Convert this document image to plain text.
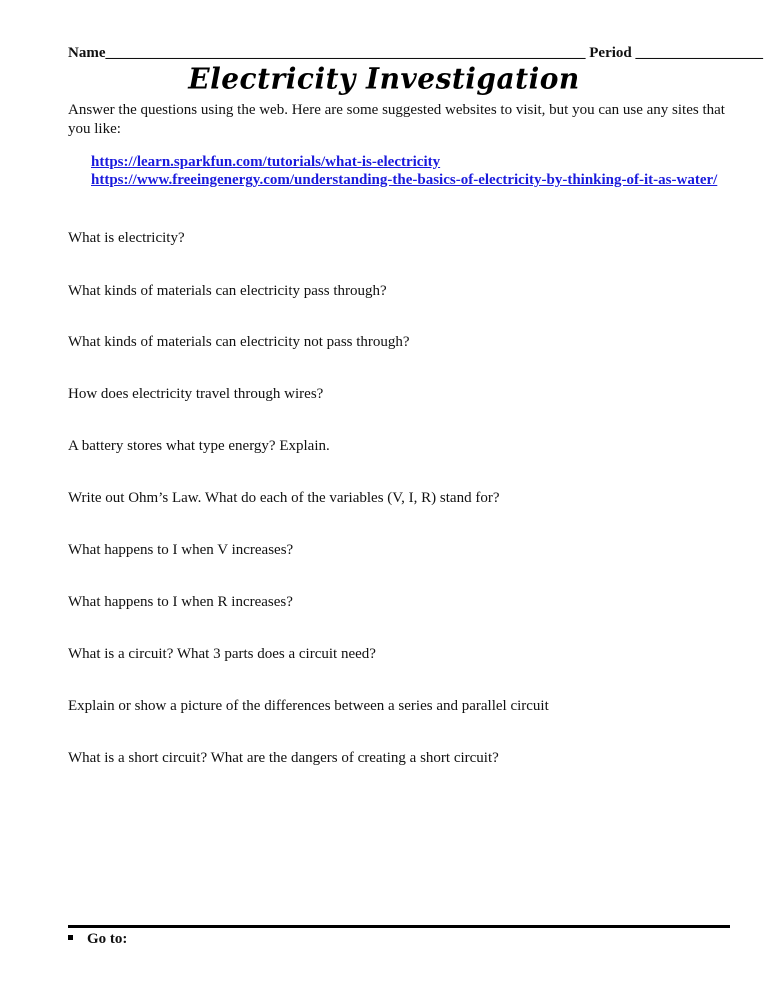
Name________________________________________________________________ Period _________________
Electricity Investigation
Answer the questions using the web. Here are some suggested websites to visit, but you can use any sites that you like:
https://learn.sparkfun.com/tutorials/what-is-electricity
https://www.freeingenergy.com/understanding-the-basics-of-electricity-by-thinking-of-it-as-water/
What is electricity?
What kinds of materials can electricity pass through?
What kinds of materials can electricity not pass through?
How does electricity travel through wires?
A battery stores what type energy? Explain.
Write out Ohm’s Law. What do each of the variables (V, I, R) stand for?
What happens to I when V increases?
What happens to I when R increases?
What is a circuit? What 3 parts does a circuit need?
Explain or show a picture of the differences between a series and parallel circuit
What is a short circuit? What are the dangers of creating a short circuit?
Go to:
